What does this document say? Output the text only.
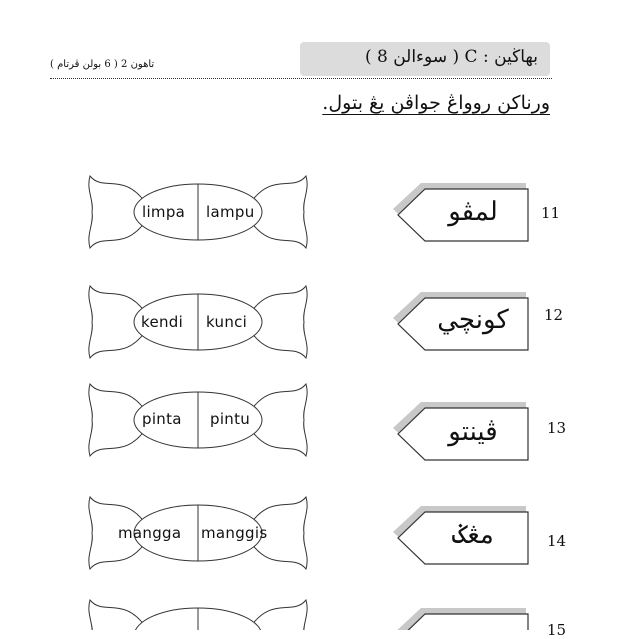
بهاڬين : C ( سوءالن 8 )
تاهون 2 ( 6 بولن ڤرتام )
ورناکن روواڠ جواڤن يڠ بتول.
limpa lampu	لمڤو	11
kendi kunci	کونچي	12
pinta pintu	ڤينتو	13
mangga manggis	مڠݢ	14
15
